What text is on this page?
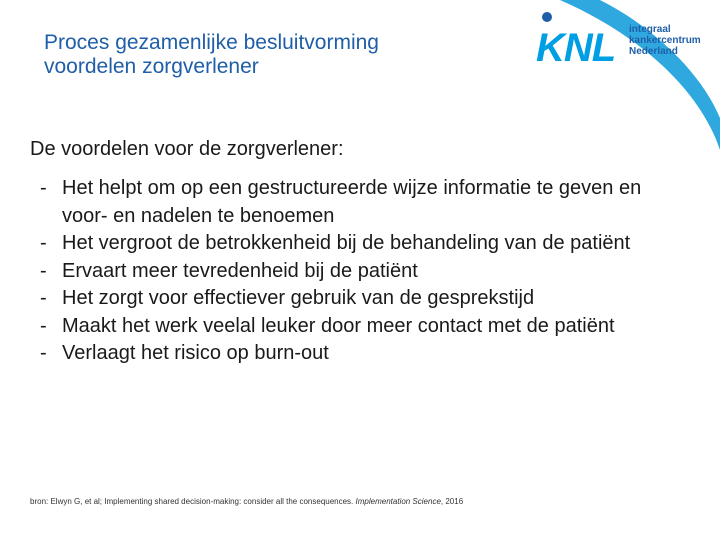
Proces gezamenlijke besluitvorming
voordelen zorgverlener	KNL integraal
kankercentrum
Nederland
De voordelen voor de zorgverlener:
- Het helpt om op een gestructureerde wijze informatie te geven en voor- en nadelen te benoemen
- Het vergroot de betrokkenheid bij de behandeling van de patiënt
- Ervaart meer tevredenheid bij de patiënt
- Het zorgt voor effectiever gebruik van de gesprekstijd
- Maakt het werk veelal leuker door meer contact met de patiënt
- Verlaagt het risico op burn-out
bron: Elwyn G, et al; Implementing shared decision-making: consider all the consequences. Implementation Science, 2016
